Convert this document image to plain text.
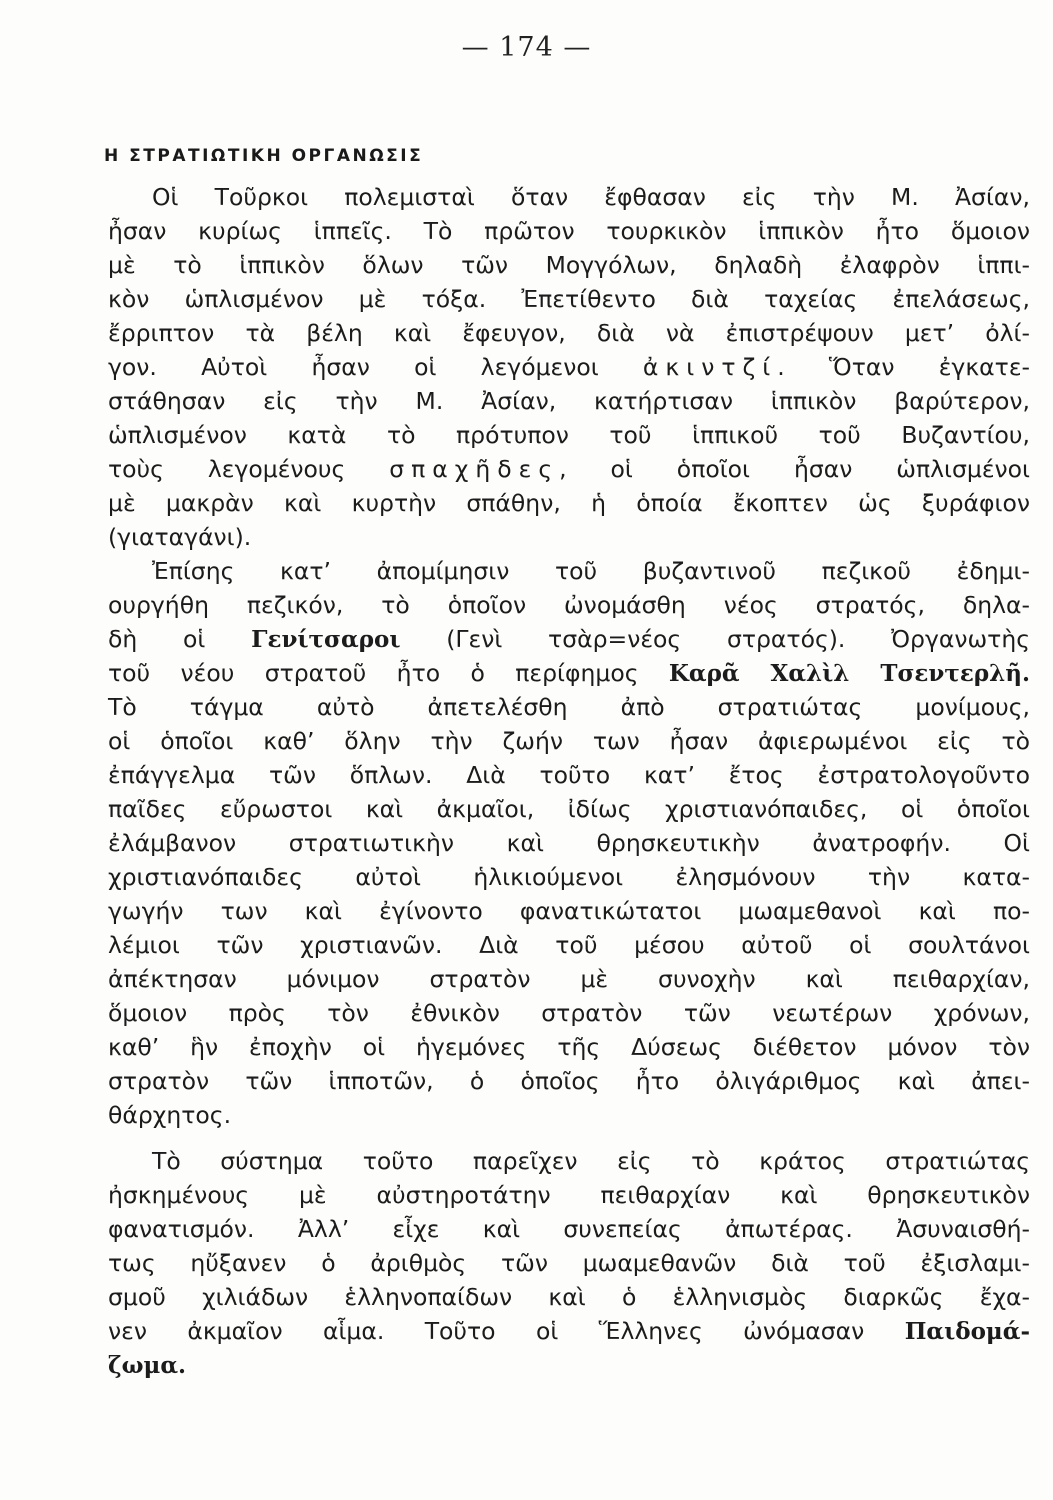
— 174 —
Η ΣΤΡΑΤΙΩΤΙΚΗ ΟΡΓΑΝΩΣΙΣ
Οἱ Τοῦρκοι πολεμισταὶ ὅταν ἔφθασαν εἰς τὴν Μ. Ἀσίαν,
ἦσαν κυρίως ἱππεῖς. Τὸ πρῶτον τουρκικὸν ἱππικὸν ἦτο ὅμοιον
μὲ τὸ ἱππικὸν ὅλων τῶν Μογγόλων, δηλαδὴ ἐλαφρὸν ἱππι-
κὸν ὡπλισμένον μὲ τόξα. Ἐπετίθεντο διὰ ταχείας ἐπελάσεως,
ἔρριπτον τὰ βέλη καὶ ἔφευγον, διὰ νὰ ἐπιστρέψουν μετ’ ὀλί-
γον. Αὐτοὶ ἦσαν οἱ λεγόμενοι ἀκιντζί. Ὅταν ἐγκατε-
στάθησαν εἰς τὴν Μ. Ἀσίαν, κατήρτισαν ἱππικὸν βαρύτερον,
ὡπλισμένον κατὰ τὸ πρότυπον τοῦ ἱππικοῦ τοῦ Βυζαντίου,
τοὺς λεγομένους σπαχῆδες, οἱ ὁποῖοι ἦσαν ὡπλισμένοι
μὲ μακρὰν καὶ κυρτὴν σπάθην, ἡ ὁποία ἔκοπτεν ὡς ξυράφιον
(γιαταγάνι).
Ἐπίσης κατ’ ἀπομίμησιν τοῦ βυζαντινοῦ πεζικοῦ ἐδημι-
ουργήθη πεζικόν, τὸ ὁποῖον ὠνομάσθη νέος στρατός, δηλα-
δὴ οἱ Γενίτσαροι (Γενὶ τσὰρ=νέος στρατός). Ὀργανωτὴς
τοῦ νέου στρατοῦ ἦτο ὁ περίφημος Καρᾶ Χαλὶλ Τσεντερλῆ.
Τὸ τάγμα αὐτὸ ἀπετελέσθη ἀπὸ στρατιώτας μονίμους,
οἱ ὁποῖοι καθ’ ὅλην τὴν ζωήν των ἦσαν ἀφιερωμένοι εἰς τὸ
ἐπάγγελμα τῶν ὅπλων. Διὰ τοῦτο κατ’ ἔτος ἐστρατολογοῦντο
παῖδες εὔρωστοι καὶ ἀκμαῖοι, ἰδίως χριστιανόπαιδες, οἱ ὁποῖοι
ἐλάμβανον στρατιωτικὴν καὶ θρησκευτικὴν ἀνατροφήν. Οἱ
χριστιανόπαιδες αὐτοὶ ἡλικιούμενοι ἐλησμόνουν τὴν κατα-
γωγήν των καὶ ἐγίνοντο φανατικώτατοι μωαμεθανοὶ καὶ πο-
λέμιοι τῶν χριστιανῶν. Διὰ τοῦ μέσου αὐτοῦ οἱ σουλτάνοι
ἀπέκτησαν μόνιμον στρατὸν μὲ συνοχὴν καὶ πειθαρχίαν,
ὅμοιον πρὸς τὸν ἐθνικὸν στρατὸν τῶν νεωτέρων χρόνων,
καθ’ ἣν ἐποχὴν οἱ ἡγεμόνες τῆς Δύσεως διέθετον μόνον τὸν
στρατὸν τῶν ἱπποτῶν, ὁ ὁποῖος ἦτο ὀλιγάριθμος καὶ ἀπει-
θάρχητος.
Τὸ σύστημα τοῦτο παρεῖχεν εἰς τὸ κράτος στρατιώτας
ἠσκημένους μὲ αὐστηροτάτην πειθαρχίαν καὶ θρησκευτικὸν
φανατισμόν. Ἀλλ’ εἶχε καὶ συνεπείας ἀπωτέρας. Ἀσυναισθή-
τως ηὔξανεν ὁ ἀριθμὸς τῶν μωαμεθανῶν διὰ τοῦ ἐξισλαμι-
σμοῦ χιλιάδων ἑλληνοπαίδων καὶ ὁ ἑλληνισμὸς διαρκῶς ἔχα-
νεν ἀκμαῖον αἷμα. Τοῦτο οἱ Ἕλληνες ὠνόμασαν Παιδομά-
ζωμα.
